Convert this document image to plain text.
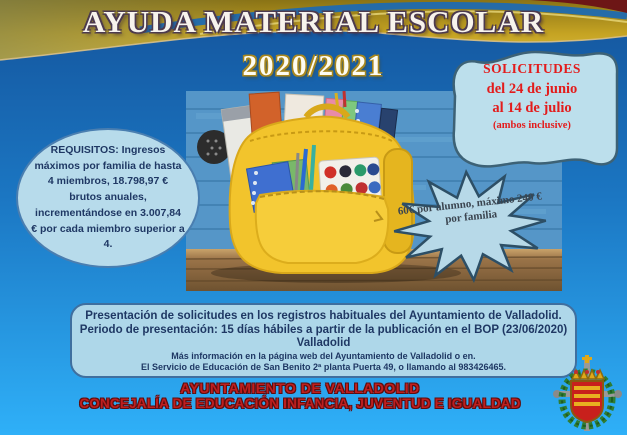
AYUDA MATERIAL ESCOLAR
2020/2021	SOLICITUDES
del 24 de junio
al 14 de julio
(ambos inclusive)
REQUISITOS: Ingresos máximos por familia de hasta 4 miembros, 18.798,97 € brutos anuales, incrementándose en 3.007,84 € por cada miembro superior a 4.
60€ por alumno, máximo 240 € por familia
Presentación de solicitudes en los registros habituales del Ayuntamiento de Valladolid.
Periodo de presentación: 15 días hábiles a partir de la publicación en el BOP (23/06/2020)
Valladolid
Más información en la página web del Ayuntamiento de Valladolid o en.
El Servicio de Educación de San Benito 2ª planta Puerta 49, o llamando al 983426465.
AYUNTAMIENTO DE VALLADOLID
CONCEJALÍA DE EDUCACIÓN INFANCIA, JUVENTUD E IGUALDAD
